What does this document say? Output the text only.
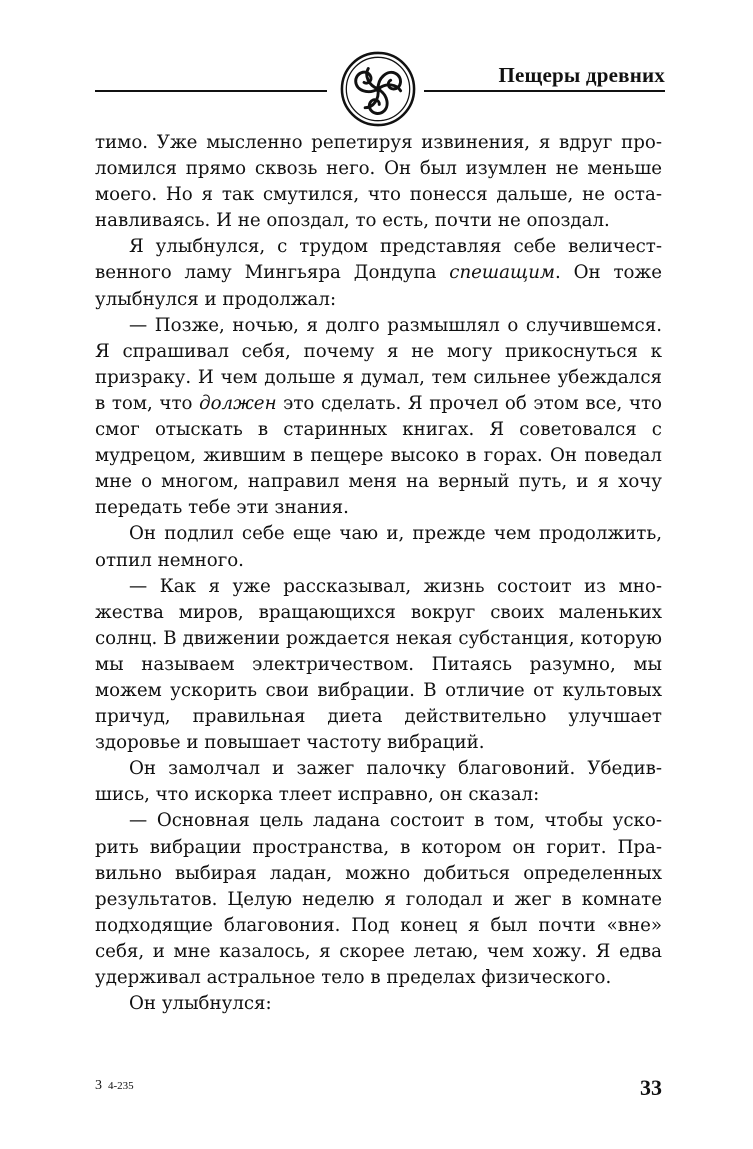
Пещеры древних

тимо. Уже мысленно репетируя извинения, я вдруг проломился прямо сквозь него. Он был изумлен не меньше моего. Но я так смутился, что понесся дальше, не останавливаясь. И не опоздал, то есть, почти не опоздал.

Я улыбнулся, с трудом представляя себе величественного ламу Мингьяра Дондупа спешащим. Он тоже улыбнулся и продолжал:

— Позже, ночью, я долго размышлял о случившемся. Я спрашивал себя, почему я не могу прикоснуться к призраку. И чем дольше я думал, тем сильнее убеждался в том, что должен это сделать. Я прочел об этом все, что смог отыскать в старинных книгах. Я советовался с мудрецом, жившим в пещере высоко в горах. Он поведал мне о многом, направил меня на верный путь, и я хочу передать тебе эти знания.

Он подлил себе еще чаю и, прежде чем продолжить, отпил немного.

— Как я уже рассказывал, жизнь состоит из множества миров, вращающихся вокруг своих маленьких солнц. В движении рождается некая субстанция, которую мы называем электричеством. Питаясь разумно, мы можем ускорить свои вибрации. В отличие от культовых причуд, правильная диета действительно улучшает здоровье и повышает частоту вибраций.

Он замолчал и зажег палочку благовоний. Убедившись, что искорка тлеет исправно, он сказал:

— Основная цель ладана состоит в том, чтобы ускорить вибрации пространства, в котором он горит. Правильно выбирая ладан, можно добиться определенных результатов. Целую неделю я голодал и жег в комнате подходящие благовония. Под конец я был почти «вне» себя, и мне казалось, я скорее летаю, чем хожу. Я едва удерживал астральное тело в пределах физического.

Он улыбнулся:

3 4-235	33
